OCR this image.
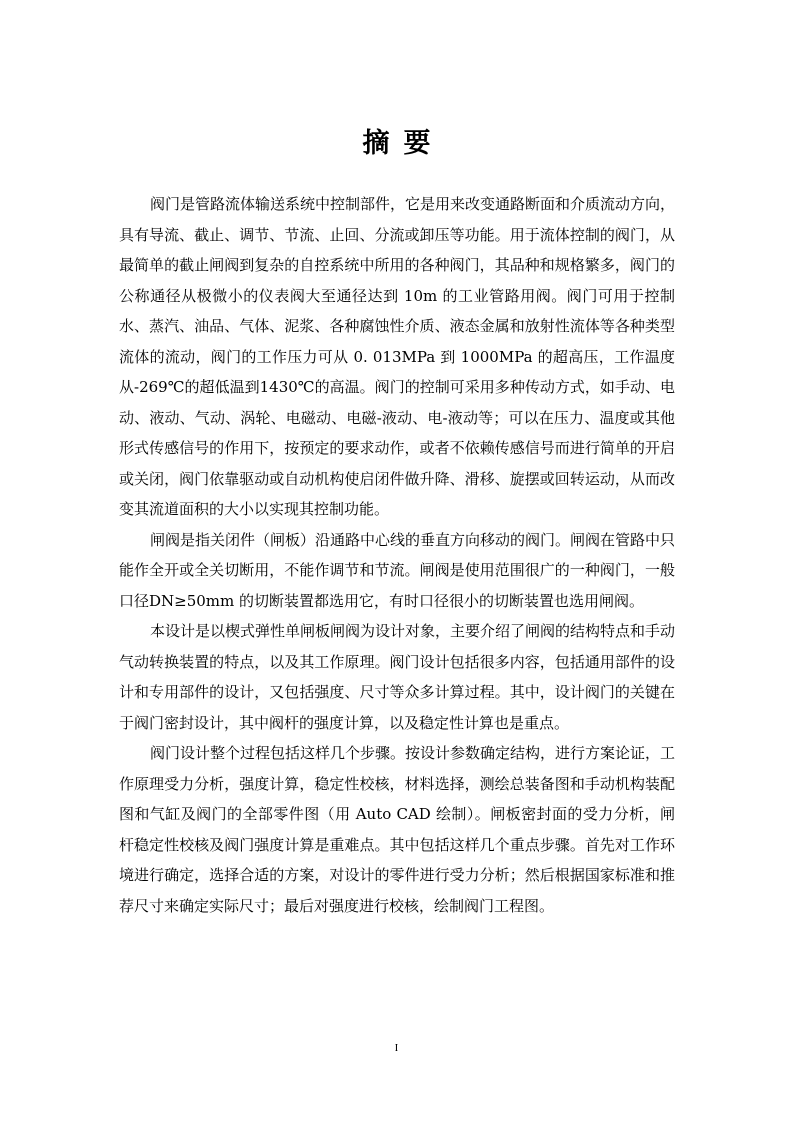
摘要

阀门是管路流体输送系统中控制部件，它是用来改变通路断面和介质流动方向，具有导流、截止、调节、节流、止回、分流或卸压等功能。用于流体控制的阀门，从最简单的截止闸阀到复杂的自控系统中所用的各种阀门，其品种和规格繁多，阀门的公称通径从极微小的仪表阀大至通径达到 10m 的工业管路用阀。阀门可用于控制水、蒸汽、油品、气体、泥浆、各种腐蚀性介质、液态金属和放射性流体等各种类型流体的流动，阀门的工作压力可从 0. 013MPa 到 1000MPa 的超高压，工作温度从-269℃的超低温到1430℃的高温。阀门的控制可采用多种传动方式，如手动、电动、液动、气动、涡轮、电磁动、电磁-液动、电-液动等；可以在压力、温度或其他形式传感信号的作用下，按预定的要求动作，或者不依赖传感信号而进行简单的开启或关闭，阀门依靠驱动或自动机构使启闭件做升降、滑移、旋摆或回转运动，从而改变其流道面积的大小以实现其控制功能。

闸阀是指关闭件（闸板）沿通路中心线的垂直方向移动的阀门。闸阀在管路中只能作全开或全关切断用，不能作调节和节流。闸阀是使用范围很广的一种阀门，一般口径DN≥50mm 的切断装置都选用它，有时口径很小的切断装置也选用闸阀。

本设计是以楔式弹性单闸板闸阀为设计对象，主要介绍了闸阀的结构特点和手动气动转换装置的特点，以及其工作原理。阀门设计包括很多内容，包括通用部件的设计和专用部件的设计，又包括强度、尺寸等众多计算过程。其中，设计阀门的关键在于阀门密封设计，其中阀杆的强度计算，以及稳定性计算也是重点。

阀门设计整个过程包括这样几个步骤。按设计参数确定结构，进行方案论证，工作原理受力分析，强度计算，稳定性校核，材料选择，测绘总装备图和手动机构装配图和气缸及阀门的全部零件图（用 Auto CAD 绘制）。闸板密封面的受力分析，闸杆稳定性校核及阀门强度计算是重难点。其中包括这样几个重点步骤。首先对工作环境进行确定，选择合适的方案，对设计的零件进行受力分析；然后根据国家标准和推荐尺寸来确定实际尺寸；最后对强度进行校核，绘制阀门工程图。

I
